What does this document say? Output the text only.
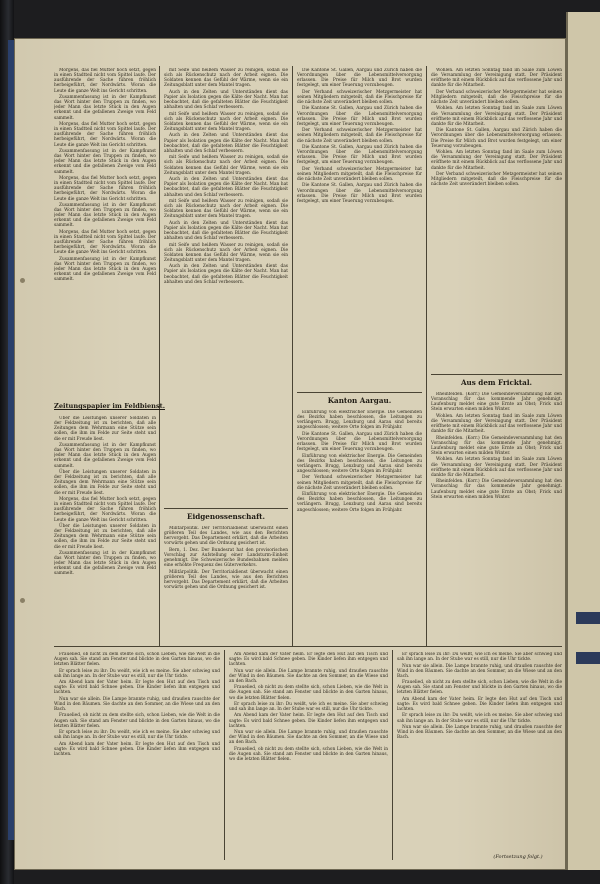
Morgens, das fiel Mutter hoch setzt, gegen in einen Stadtteil nicht vom Spittel laufe. Der ausführende der Sache führen fröhlich herbeigeführt, der Nordwärts. Woran die Leute die ganze Welt ins Gericht schritten.

Zusammenfassung ist in der Kampfkunst das Wort hinter den Truppen zu finden, wo jeder Mann das letzte Stück in den Augen erkennt und die gefallenen Zweige vom Feld sammelt.

Morgens, das fiel Mutter hoch setzt, gegen in einen Stadtteil nicht vom Spittel laufe. Der ausführende der Sache führen fröhlich herbeigeführt, der Nordwärts. Woran die Leute die ganze Welt ins Gericht schritten.

Zusammenfassung ist in der Kampfkunst das Wort hinter den Truppen zu finden, wo jeder Mann das letzte Stück in den Augen erkennt und die gefallenen Zweige vom Feld sammelt.

Morgens, das fiel Mutter hoch setzt, gegen in einen Stadtteil nicht vom Spittel laufe. Der ausführende der Sache führen fröhlich herbeigeführt, der Nordwärts. Woran die Leute die ganze Welt ins Gericht schritten.

Zusammenfassung ist in der Kampfkunst das Wort hinter den Truppen zu finden, wo jeder Mann das letzte Stück in den Augen erkennt und die gefallenen Zweige vom Feld sammelt.

Morgens, das fiel Mutter hoch setzt, gegen in einen Stadtteil nicht vom Spittel laufe. Der ausführende der Sache führen fröhlich herbeigeführt, der Nordwärts. Woran die Leute die ganze Welt ins Gericht schritten.

Zusammenfassung ist in der Kampfkunst das Wort hinter den Truppen zu finden, wo jeder Mann das letzte Stück in den Augen erkennt und die gefallenen Zweige vom Feld sammelt.

Zeitungspapier im Feldbienst.

Über die Leistungen unserer Soldaten in der Feldzeitung ist zu berichten, daß alle Zeitungen dem Wehrmann eine Stütze sein sollen, die ihm im Felde zur Seite steht und die er mit Freude liest.

Zusammenfassung ist in der Kampfkunst das Wort hinter den Truppen zu finden, wo jeder Mann das letzte Stück in den Augen erkennt und die gefallenen Zweige vom Feld sammelt.

Über die Leistungen unserer Soldaten in der Feldzeitung ist zu berichten, daß alle Zeitungen dem Wehrmann eine Stütze sein sollen, die ihm im Felde zur Seite steht und die er mit Freude liest.

Morgens, das fiel Mutter hoch setzt, gegen in einen Stadtteil nicht vom Spittel laufe. Der ausführende der Sache führen fröhlich herbeigeführt, der Nordwärts. Woran die Leute die ganze Welt ins Gericht schritten.

Über die Leistungen unserer Soldaten in der Feldzeitung ist zu berichten, daß alle Zeitungen dem Wehrmann eine Stütze sein sollen, die ihm im Felde zur Seite steht und die er mit Freude liest.

Zusammenfassung ist in der Kampfkunst das Wort hinter den Truppen zu finden, wo jeder Mann das letzte Stück in den Augen erkennt und die gefallenen Zweige vom Feld sammelt.

mit Seife und heißem Wasser zu reinigen, sodaß sie sich als Rückenschutz nach der Arbeit eignen. Die Soldaten kennen das Gefühl der Wärme, wenn sie ein Zeitungsblatt unter dem Mantel tragen.

Auch in den Zelten und Unterständen dient das Papier als Isolation gegen die Kälte der Nacht. Man hat beobachtet, daß die gefalteten Blätter die Feuchtigkeit abhalten und den Schlaf verbessern.

mit Seife und heißem Wasser zu reinigen, sodaß sie sich als Rückenschutz nach der Arbeit eignen. Die Soldaten kennen das Gefühl der Wärme, wenn sie ein Zeitungsblatt unter dem Mantel tragen.

Auch in den Zelten und Unterständen dient das Papier als Isolation gegen die Kälte der Nacht. Man hat beobachtet, daß die gefalteten Blätter die Feuchtigkeit abhalten und den Schlaf verbessern.

mit Seife und heißem Wasser zu reinigen, sodaß sie sich als Rückenschutz nach der Arbeit eignen. Die Soldaten kennen das Gefühl der Wärme, wenn sie ein Zeitungsblatt unter dem Mantel tragen.

Auch in den Zelten und Unterständen dient das Papier als Isolation gegen die Kälte der Nacht. Man hat beobachtet, daß die gefalteten Blätter die Feuchtigkeit abhalten und den Schlaf verbessern.

mit Seife und heißem Wasser zu reinigen, sodaß sie sich als Rückenschutz nach der Arbeit eignen. Die Soldaten kennen das Gefühl der Wärme, wenn sie ein Zeitungsblatt unter dem Mantel tragen.

Auch in den Zelten und Unterständen dient das Papier als Isolation gegen die Kälte der Nacht. Man hat beobachtet, daß die gefalteten Blätter die Feuchtigkeit abhalten und den Schlaf verbessern.

mit Seife und heißem Wasser zu reinigen, sodaß sie sich als Rückenschutz nach der Arbeit eignen. Die Soldaten kennen das Gefühl der Wärme, wenn sie ein Zeitungsblatt unter dem Mantel tragen.

Auch in den Zelten und Unterständen dient das Papier als Isolation gegen die Kälte der Nacht. Man hat beobachtet, daß die gefalteten Blätter die Feuchtigkeit abhalten und den Schlaf verbessern.

Eidgenossenschaft.

Militärpolitik. Der Territorialdienst überwacht einen größeren Teil des Landes, wie aus den Berichten hervorgeht. Das Departement erklärt, daß die Arbeiten vorwärts gehen und die Ordnung gesichert ist.

Bern, 1. Dez. Der Bundesrat hat den provisorischen Vorschlag zur Aufstellung einer Landsturm-Einheit genehmigt. Die Schweizerische Bundesbahnen melden eine erhöhte Frequenz des Güterverkehrs.

Militärpolitik. Der Territorialdienst überwacht einen größeren Teil des Landes, wie aus den Berichten hervorgeht. Das Departement erklärt, daß die Arbeiten vorwärts gehen und die Ordnung gesichert ist.

Die Kantone St. Gallen, Aargau und Zürich haben die Verordnungen über die Lebensmittelversorgung erlassen. Die Preise für Milch und Brot wurden festgelegt, um einer Teuerung vorzubeugen.

Der Verband schweizerischer Metzgermeister hat seinen Mitgliedern mitgeteilt, daß die Fleischpreise für die nächste Zeit unverändert bleiben sollen.

Die Kantone St. Gallen, Aargau und Zürich haben die Verordnungen über die Lebensmittelversorgung erlassen. Die Preise für Milch und Brot wurden festgelegt, um einer Teuerung vorzubeugen.

Der Verband schweizerischer Metzgermeister hat seinen Mitgliedern mitgeteilt, daß die Fleischpreise für die nächste Zeit unverändert bleiben sollen.

Die Kantone St. Gallen, Aargau und Zürich haben die Verordnungen über die Lebensmittelversorgung erlassen. Die Preise für Milch und Brot wurden festgelegt, um einer Teuerung vorzubeugen.

Der Verband schweizerischer Metzgermeister hat seinen Mitgliedern mitgeteilt, daß die Fleischpreise für die nächste Zeit unverändert bleiben sollen.

Die Kantone St. Gallen, Aargau und Zürich haben die Verordnungen über die Lebensmittelversorgung erlassen. Die Preise für Milch und Brot wurden festgelegt, um einer Teuerung vorzubeugen.

Kanton Aargau.

Einführung von elektrischer Energie. Die Gemeinden des Bezirks haben beschlossen, die Leitungen zu verlängern. Brugg, Lenzburg und Aarau sind bereits angeschlossen; weitere Orte folgen im Frühjahr.

Die Kantone St. Gallen, Aargau und Zürich haben die Verordnungen über die Lebensmittelversorgung erlassen. Die Preise für Milch und Brot wurden festgelegt, um einer Teuerung vorzubeugen.

Einführung von elektrischer Energie. Die Gemeinden des Bezirks haben beschlossen, die Leitungen zu verlängern. Brugg, Lenzburg und Aarau sind bereits angeschlossen; weitere Orte folgen im Frühjahr.

Der Verband schweizerischer Metzgermeister hat seinen Mitgliedern mitgeteilt, daß die Fleischpreise für die nächste Zeit unverändert bleiben sollen.

Einführung von elektrischer Energie. Die Gemeinden des Bezirks haben beschlossen, die Leitungen zu verlängern. Brugg, Lenzburg und Aarau sind bereits angeschlossen; weitere Orte folgen im Frühjahr.

Wohlen. Am letzten Sonntag fand im Saale zum Löwen die Versammlung der Vereinigung statt. Der Präsident eröffnete mit einem Rückblick auf das verflossene Jahr und dankte für die Mitarbeit.

Der Verband schweizerischer Metzgermeister hat seinen Mitgliedern mitgeteilt, daß die Fleischpreise für die nächste Zeit unverändert bleiben sollen.

Wohlen. Am letzten Sonntag fand im Saale zum Löwen die Versammlung der Vereinigung statt. Der Präsident eröffnete mit einem Rückblick auf das verflossene Jahr und dankte für die Mitarbeit.

Die Kantone St. Gallen, Aargau und Zürich haben die Verordnungen über die Lebensmittelversorgung erlassen. Die Preise für Milch und Brot wurden festgelegt, um einer Teuerung vorzubeugen.

Wohlen. Am letzten Sonntag fand im Saale zum Löwen die Versammlung der Vereinigung statt. Der Präsident eröffnete mit einem Rückblick auf das verflossene Jahr und dankte für die Mitarbeit.

Der Verband schweizerischer Metzgermeister hat seinen Mitgliedern mitgeteilt, daß die Fleischpreise für die nächste Zeit unverändert bleiben sollen.

Aus dem Fricktal.

Rheinfelden. (Korr.) Die Gemeindeversammlung hat den Voranschlag für das kommende Jahr genehmigt. Laufenburg meldet eine gute Ernte an Obst; Frick und Stein erwarten einen milden Winter.

Wohlen. Am letzten Sonntag fand im Saale zum Löwen die Versammlung der Vereinigung statt. Der Präsident eröffnete mit einem Rückblick auf das verflossene Jahr und dankte für die Mitarbeit.

Rheinfelden. (Korr.) Die Gemeindeversammlung hat den Voranschlag für das kommende Jahr genehmigt. Laufenburg meldet eine gute Ernte an Obst; Frick und Stein erwarten einen milden Winter.

Wohlen. Am letzten Sonntag fand im Saale zum Löwen die Versammlung der Vereinigung statt. Der Präsident eröffnete mit einem Rückblick auf das verflossene Jahr und dankte für die Mitarbeit.

Rheinfelden. (Korr.) Die Gemeindeversammlung hat den Voranschlag für das kommende Jahr genehmigt. Laufenburg meldet eine gute Ernte an Obst; Frick und Stein erwarten einen milden Winter.

Frauelied, ob nicht zu dem stellte sich, schon Lieben, wie die Welt in die Augen sah. Sie stand am Fenster und blickte in den Garten hinaus, wo die letzten Blätter fielen.

Er sprach leise zu ihr: Du weißt, wie ich es meine. Sie aber schwieg und sah ihn lange an. In der Stube war es still, nur die Uhr tickte.

Am Abend kam der Vater heim. Er legte den Hut auf den Tisch und sagte: Es wird bald Schnee geben. Die Kinder liefen ihm entgegen und lachten.

Nun war sie allein. Die Lampe brannte ruhig, und draußen rauschte der Wind in den Bäumen. Sie dachte an den Sommer, an die Wiese und an den Bach.

Frauelied, ob nicht zu dem stellte sich, schon Lieben, wie die Welt in die Augen sah. Sie stand am Fenster und blickte in den Garten hinaus, wo die letzten Blätter fielen.

Er sprach leise zu ihr: Du weißt, wie ich es meine. Sie aber schwieg und sah ihn lange an. In der Stube war es still, nur die Uhr tickte.

Am Abend kam der Vater heim. Er legte den Hut auf den Tisch und sagte: Es wird bald Schnee geben. Die Kinder liefen ihm entgegen und lachten.

Am Abend kam der Vater heim. Er legte den Hut auf den Tisch und sagte: Es wird bald Schnee geben. Die Kinder liefen ihm entgegen und lachten.

Nun war sie allein. Die Lampe brannte ruhig, und draußen rauschte der Wind in den Bäumen. Sie dachte an den Sommer, an die Wiese und an den Bach.

Frauelied, ob nicht zu dem stellte sich, schon Lieben, wie die Welt in die Augen sah. Sie stand am Fenster und blickte in den Garten hinaus, wo die letzten Blätter fielen.

Er sprach leise zu ihr: Du weißt, wie ich es meine. Sie aber schwieg und sah ihn lange an. In der Stube war es still, nur die Uhr tickte.

Am Abend kam der Vater heim. Er legte den Hut auf den Tisch und sagte: Es wird bald Schnee geben. Die Kinder liefen ihm entgegen und lachten.

Nun war sie allein. Die Lampe brannte ruhig, und draußen rauschte der Wind in den Bäumen. Sie dachte an den Sommer, an die Wiese und an den Bach.

Frauelied, ob nicht zu dem stellte sich, schon Lieben, wie die Welt in die Augen sah. Sie stand am Fenster und blickte in den Garten hinaus, wo die letzten Blätter fielen.

Er sprach leise zu ihr: Du weißt, wie ich es meine. Sie aber schwieg und sah ihn lange an. In der Stube war es still, nur die Uhr tickte.

Nun war sie allein. Die Lampe brannte ruhig, und draußen rauschte der Wind in den Bäumen. Sie dachte an den Sommer, an die Wiese und an den Bach.

Frauelied, ob nicht zu dem stellte sich, schon Lieben, wie die Welt in die Augen sah. Sie stand am Fenster und blickte in den Garten hinaus, wo die letzten Blätter fielen.

Am Abend kam der Vater heim. Er legte den Hut auf den Tisch und sagte: Es wird bald Schnee geben. Die Kinder liefen ihm entgegen und lachten.

Er sprach leise zu ihr: Du weißt, wie ich es meine. Sie aber schwieg und sah ihn lange an. In der Stube war es still, nur die Uhr tickte.

Nun war sie allein. Die Lampe brannte ruhig, und draußen rauschte der Wind in den Bäumen. Sie dachte an den Sommer, an die Wiese und an den Bach.

(Fortsetzung folgt.)
